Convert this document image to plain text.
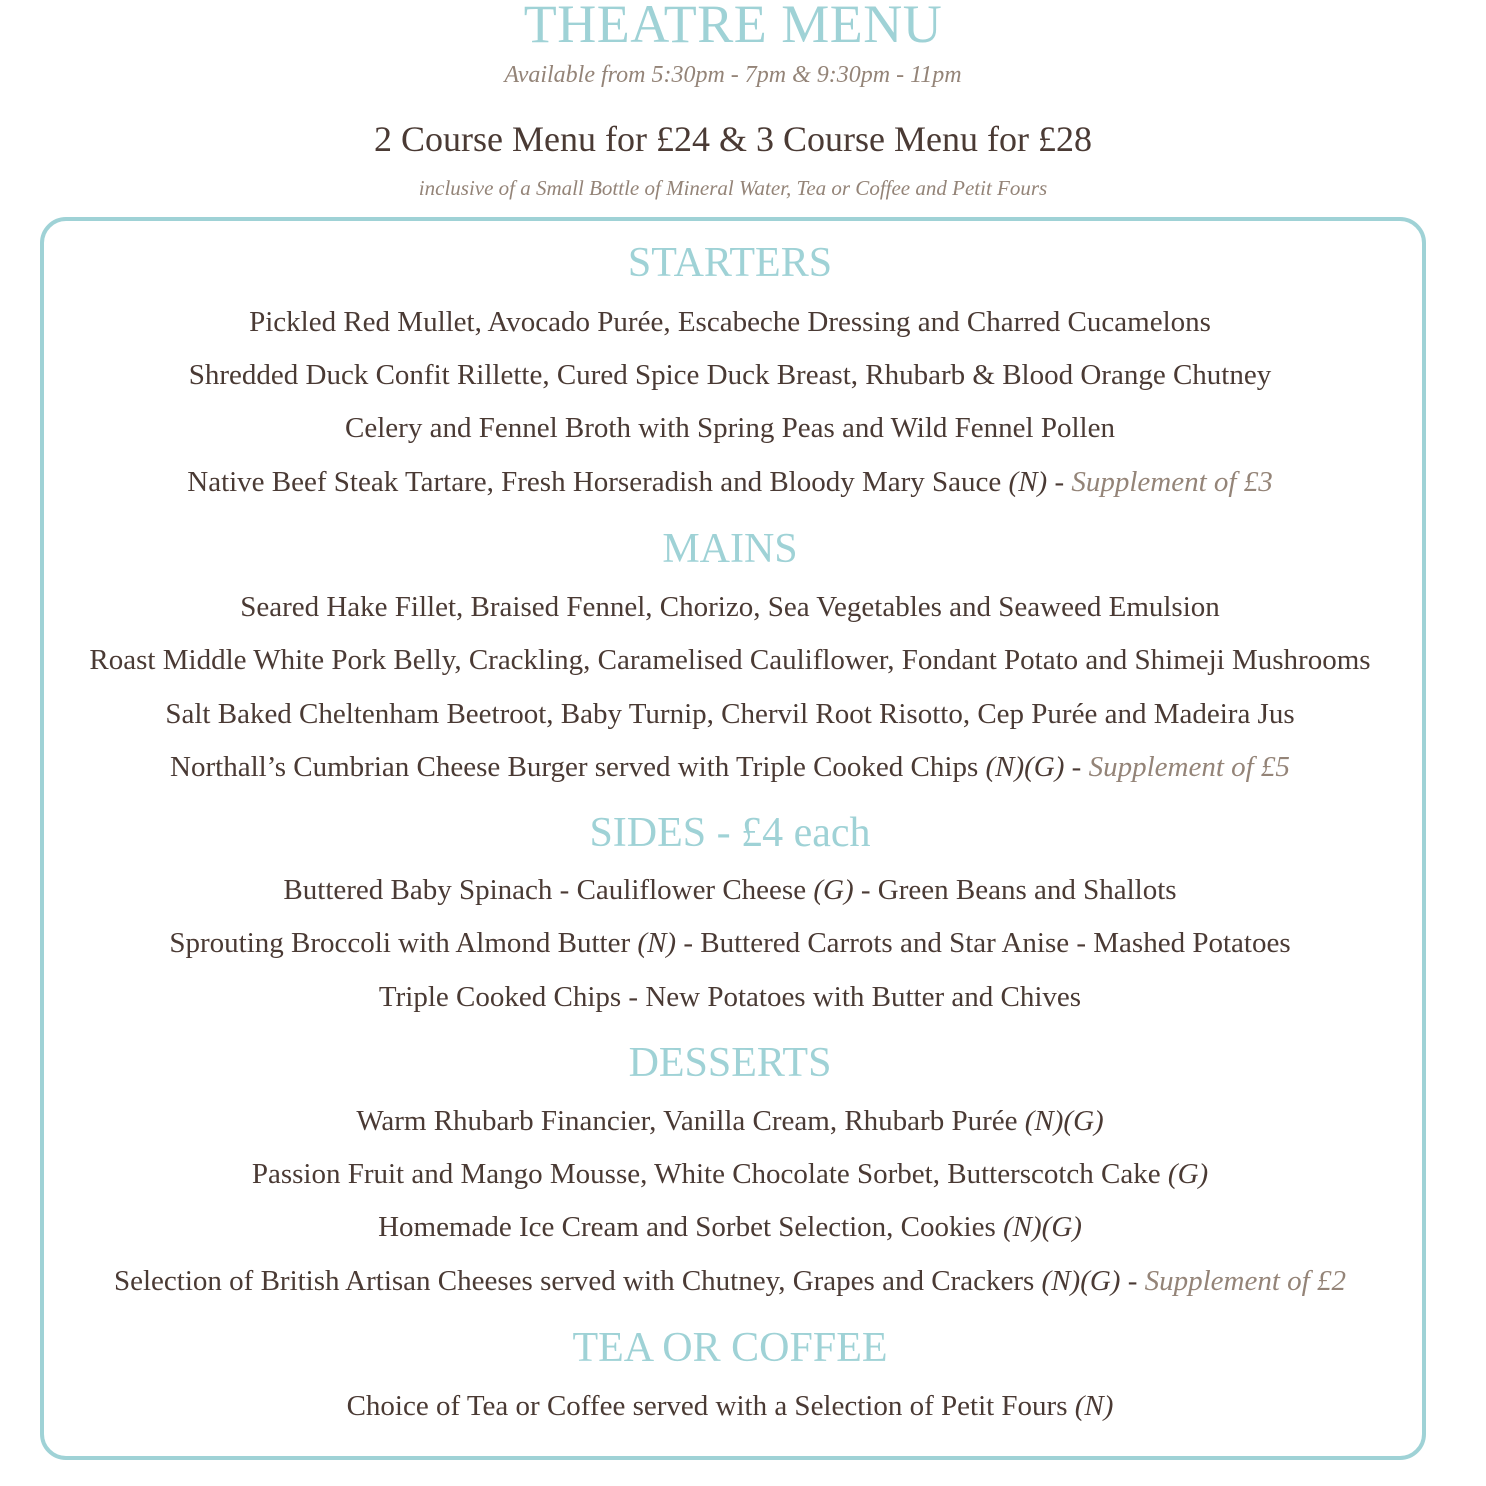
THEATRE MENU
Available from 5:30pm - 7pm & 9:30pm - 11pm
2 Course Menu for £24 & 3 Course Menu for £28
inclusive of a Small Bottle of Mineral Water, Tea or Coffee and Petit Fours
STARTERS
Pickled Red Mullet, Avocado Purée, Escabeche Dressing and Charred Cucamelons
Shredded Duck Confit Rillette, Cured Spice Duck Breast, Rhubarb & Blood Orange Chutney
Celery and Fennel Broth with Spring Peas and Wild Fennel Pollen
Native Beef Steak Tartare, Fresh Horseradish and Bloody Mary Sauce (N) - Supplement of £3
MAINS
Seared Hake Fillet, Braised Fennel, Chorizo, Sea Vegetables and Seaweed Emulsion
Roast Middle White Pork Belly, Crackling, Caramelised Cauliflower, Fondant Potato and Shimeji Mushrooms
Salt Baked Cheltenham Beetroot, Baby Turnip, Chervil Root Risotto, Cep Purée and Madeira Jus
Northall’s Cumbrian Cheese Burger served with Triple Cooked Chips (N)(G) - Supplement of £5
SIDES - £4 each
Buttered Baby Spinach - Cauliflower Cheese (G) - Green Beans and Shallots
Sprouting Broccoli with Almond Butter (N) - Buttered Carrots and Star Anise - Mashed Potatoes
Triple Cooked Chips - New Potatoes with Butter and Chives
DESSERTS
Warm Rhubarb Financier, Vanilla Cream, Rhubarb Purée (N)(G)
Passion Fruit and Mango Mousse, White Chocolate Sorbet, Butterscotch Cake (G)
Homemade Ice Cream and Sorbet Selection, Cookies (N)(G)
Selection of British Artisan Cheeses served with Chutney, Grapes and Crackers (N)(G) - Supplement of £2
TEA OR COFFEE
Choice of Tea or Coffee served with a Selection of Petit Fours (N)
